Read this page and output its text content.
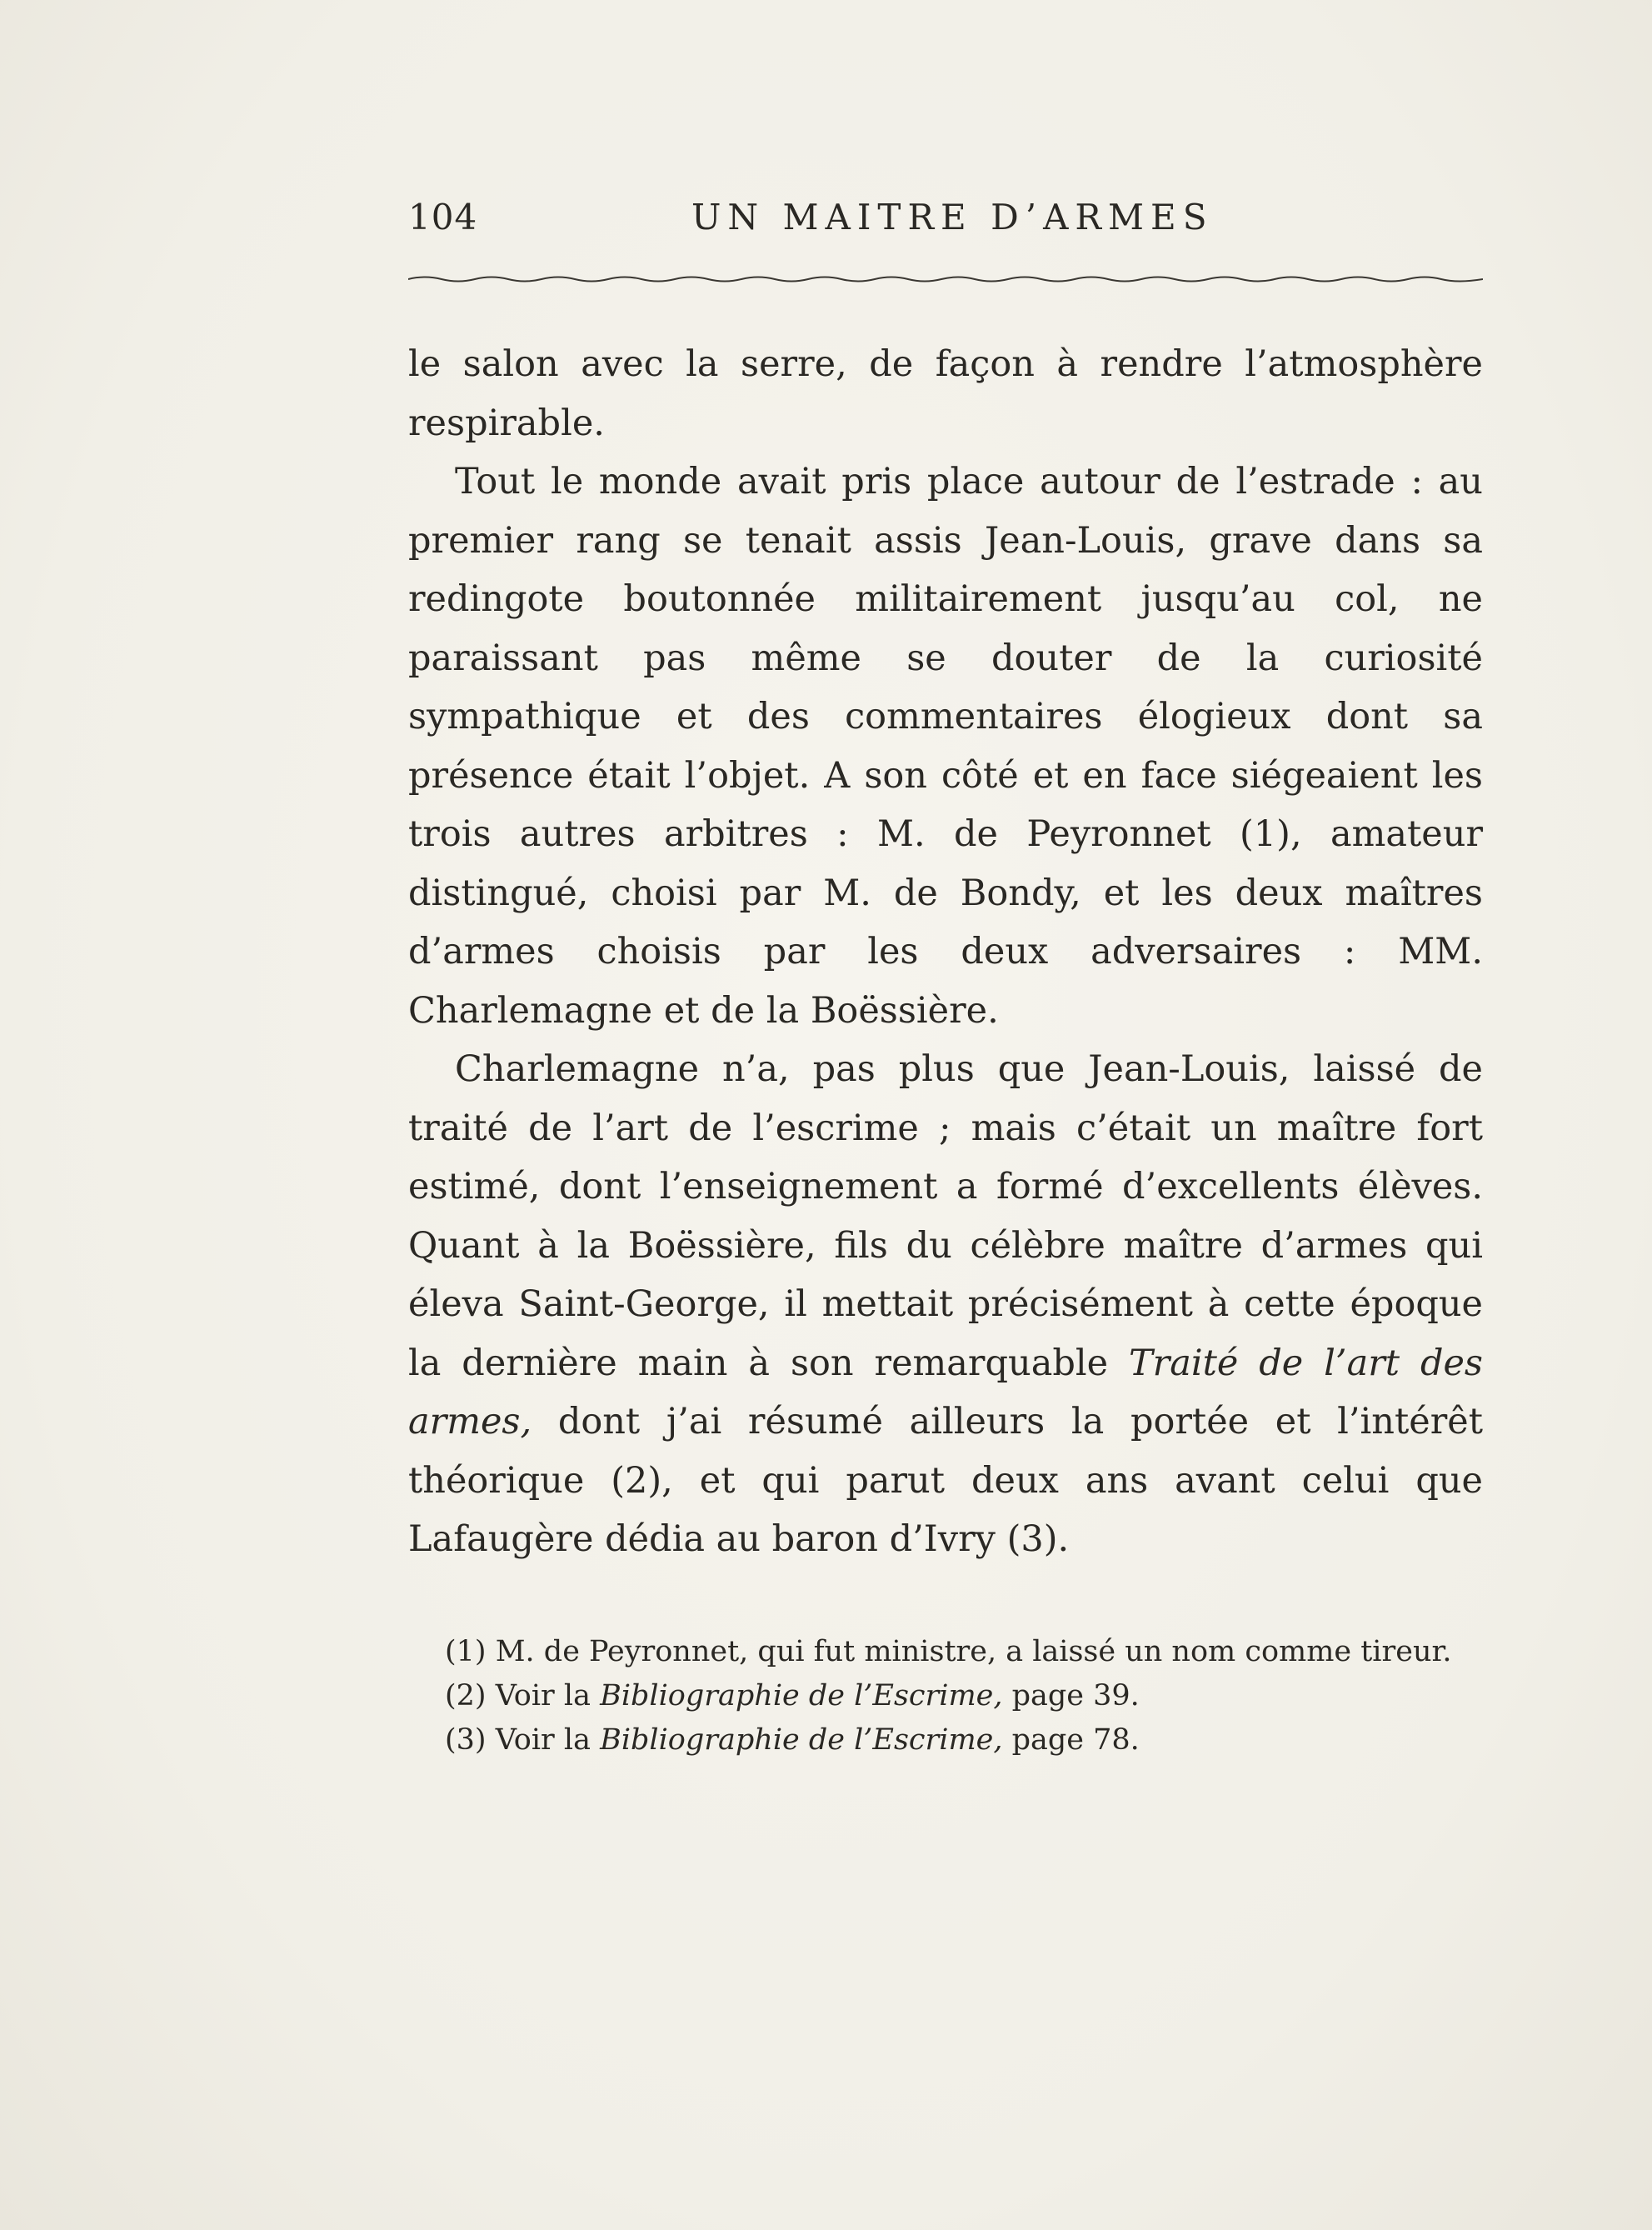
104	UN MAITRE D’ARMES

le salon avec la serre, de façon à rendre l’atmosphère respirable.

Tout le monde avait pris place autour de l’estrade : au premier rang se tenait assis Jean-Louis, grave dans sa redingote boutonnée militairement jusqu’au col, ne paraissant pas même se douter de la curiosité sympathique et des commentaires élogieux dont sa présence était l’objet. A son côté et en face siégeaient les trois autres arbitres : M. de Peyronnet (1), amateur distingué, choisi par M. de Bondy, et les deux maîtres d’armes choisis par les deux adversaires : MM. Charlemagne et de la Boëssière.

Charlemagne n’a, pas plus que Jean-Louis, laissé de traité de l’art de l’escrime ; mais c’était un maître fort estimé, dont l’enseignement a formé d’excellents élèves. Quant à la Boëssière, fils du célèbre maître d’armes qui éleva Saint-George, il mettait précisément à cette époque la dernière main à son remarquable Traité de l’art des armes, dont j’ai résumé ailleurs la portée et l’intérêt théorique (2), et qui parut deux ans avant celui que Lafaugère dédia au baron d’Ivry (3).

(1) M. de Peyronnet, qui fut ministre, a laissé un nom comme tireur.

(2) Voir la Bibliographie de l’Escrime, page 39.

(3) Voir la Bibliographie de l’Escrime, page 78.
